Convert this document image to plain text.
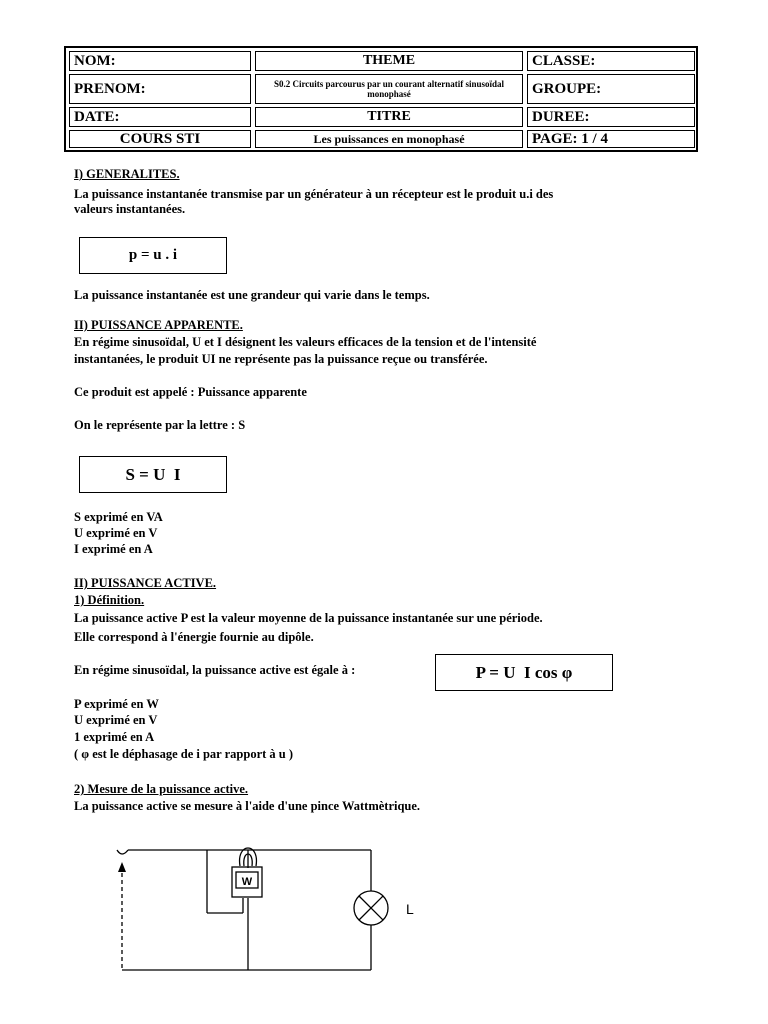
NOM:	THEME	CLASSE:
PRENOM:	S0.2 Circuits parcourus par un courant alternatif sinusoïdal monophasé	GROUPE:
DATE:	TITRE	DUREE:
COURS STI	Les puissances en monophasé	PAGE: 1 / 4
I) GENERALITES.
La puissance instantanée transmise par un générateur à un récepteur est le produit u.i des
valeurs instantanées.
p = u . i
La puissance instantanée est une grandeur qui varie dans le temps.
II) PUISSANCE APPARENTE.
En régime sinusoïdal, U et I désignent les valeurs efficaces de la tension et de l'intensité
instantanées, le produit UI ne représente pas la puissance reçue ou transférée.
Ce produit est appelé : Puissance apparente
On le représente par la lettre : S
S = U  I
S exprimé en VA
U exprimé en V
I exprimé en A
II) PUISSANCE ACTIVE.
1) Définition.
La puissance active P est la valeur moyenne de la puissance instantanée sur une période.
Elle correspond à l'énergie fournie au dipôle.
En régime sinusoïdal, la puissance active est égale à :	P = U  I cos φ
P exprimé en W
U exprimé en V
1 exprimé en A
( φ est le déphasage de i par rapport à u )
2) Mesure de la puissance active.
La puissance active se mesure à l'aide d'une pince Wattmètrique.
W
L
